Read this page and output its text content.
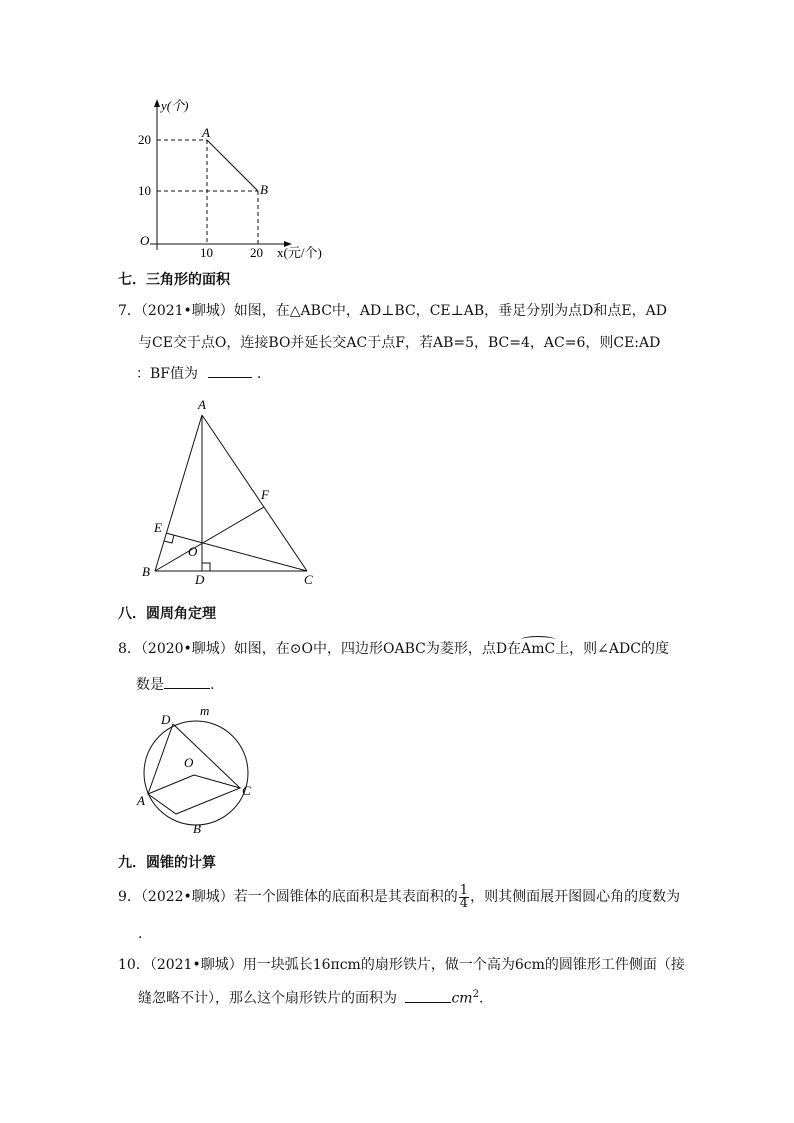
y(个)
x(元/个)
O
20
10
10	20
A
B
七．三角形的面积
7．（2021•聊城）如图，在△ABC中，AD⊥BC，CE⊥AB，垂足分别为点D和点E，AD
与CE交于点O，连接BO并延长交AC于点F，若AB=5，BC=4，AC=6，则CE:AD
：BF值为	.
A
B
C
D
E
F
O
八．圆周角定理
8．（2020•聊城）如图，在⊙O中，四边形OABC为菱形，点D在AmC上，则∠ADC的度
数是	.
D
m
O
A
B
C
九．圆锥的计算
9．（2022•聊城）若一个圆锥体的底面积是其表面积的 $\frac{1}{4}$ ，则其侧面展开图圆心角的度数为
.
10．（2021•聊城）用一块弧长16πcm的扇形铁片，做一个高为6cm的圆锥形工件侧面（接
缝忽略不计），那么这个扇形铁片的面积为	$cm^2$.
